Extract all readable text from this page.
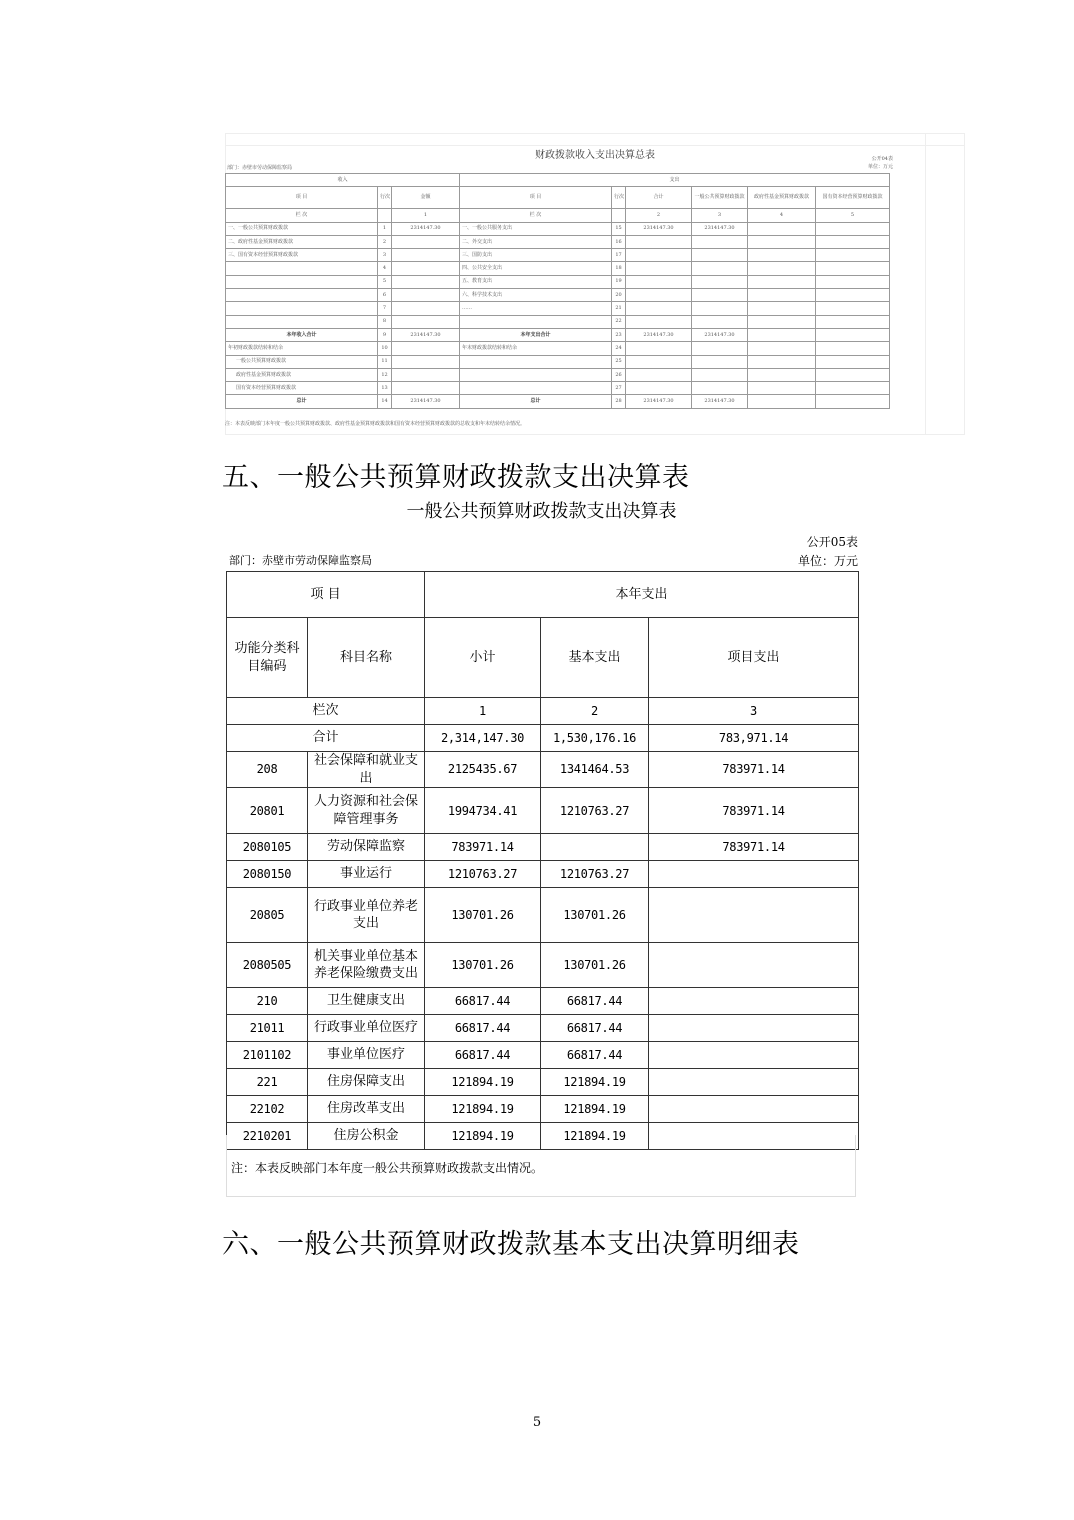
财政拨款收入支出决算总表	公开04表
单位：万元
部门：赤壁市劳动保障监察局
收入			支出					
项 目	行次	金额	项 目	行次	合计	一般公共预算财政拨款	政府性基金预算财政拨款	国有资本经营预算财政拨款
栏 次		1	栏 次		2	3	4	5
一、一般公共预算财政拨款	1	2314147.30	一、一般公共服务支出	15	2314147.30	2314147.30		
二、政府性基金预算财政拨款	2		二、外交支出	16				
三、国有资本经营预算财政拨款	3		三、国防支出	17				
	4		四、公共安全支出	18				
	5		五、教育支出	19				
	6		六、科学技术支出	20				
	7		……	21				
	8			22				
本年收入合计	9	2314147.30	本年支出合计	23	2314147.30	2314147.30		
年初财政拨款结转和结余	10		年末财政拨款结转和结余	24				
一般公共预算财政拨款	11			25				
政府性基金预算财政拨款	12			26				
国有资本经营预算财政拨款	13			27				
总计	14	2314147.30	总计	28	2314147.30	2314147.30		
注：本表反映部门本年度一般公共预算财政拨款、政府性基金预算财政拨款和国有资本经营预算财政拨款的总收支和年末结转结余情况。
五、一般公共预算财政拨款支出决算表
一般公共预算财政拨款支出决算表
公开05表
部门：赤壁市劳动保障监察局	单位：万元
项 目		本年支出		
功能分类科目编码	科目名称	小计	基本支出	项目支出
栏次		1	2	3
合计		2,314,147.30	1,530,176.16	783,971.14
208	社会保障和就业支出	2125435.67	1341464.53	783971.14
20801	人力资源和社会保障管理事务	1994734.41	1210763.27	783971.14
2080105	劳动保障监察	783971.14		783971.14
2080150	事业运行	1210763.27	1210763.27	
20805	行政事业单位养老支出	130701.26	130701.26	
2080505	机关事业单位基本养老保险缴费支出	130701.26	130701.26	
210	卫生健康支出	66817.44	66817.44	
21011	行政事业单位医疗	66817.44	66817.44	
2101102	事业单位医疗	66817.44	66817.44	
221	住房保障支出	121894.19	121894.19	
22102	住房改革支出	121894.19	121894.19	
2210201	住房公积金	121894.19	121894.19	
注：本表反映部门本年度一般公共预算财政拨款支出情况。
六、一般公共预算财政拨款基本支出决算明细表
5
